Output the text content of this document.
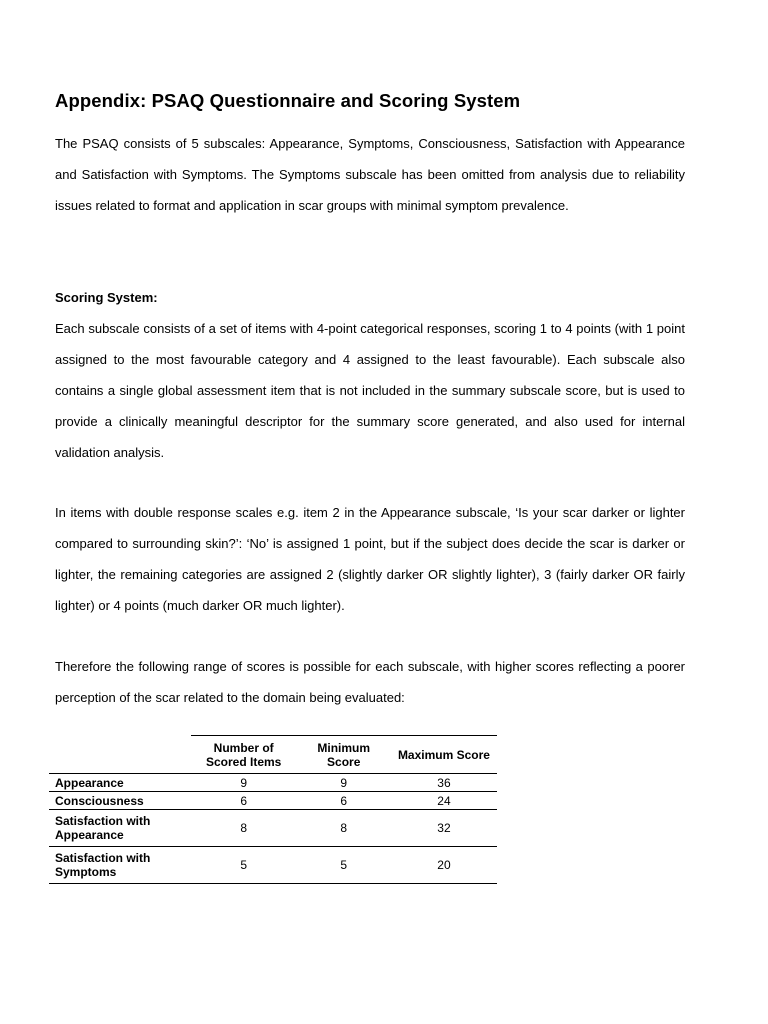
Appendix: PSAQ Questionnaire and Scoring System

The PSAQ consists of 5 subscales: Appearance, Symptoms, Consciousness, Satisfaction with Appearance and Satisfaction with Symptoms. The Symptoms subscale has been omitted from analysis due to reliability issues related to format and application in scar groups with minimal symptom prevalence.

Scoring System:

Each subscale consists of a set of items with 4-point categorical responses, scoring 1 to 4 points (with 1 point assigned to the most favourable category and 4 assigned to the least favourable). Each subscale also contains a single global assessment item that is not included in the summary subscale score, but is used to provide a clinically meaningful descriptor for the summary score generated, and also used for internal validation analysis.

In items with double response scales e.g. item 2 in the Appearance subscale, ‘Is your scar darker or lighter compared to surrounding skin?’: ‘No’ is assigned 1 point, but if the subject does decide the scar is darker or lighter, the remaining categories are assigned 2 (slightly darker OR slightly lighter), 3 (fairly darker OR fairly lighter) or 4 points (much darker OR much lighter).

Therefore the following range of scores is possible for each subscale, with higher scores reflecting a poorer perception of the scar related to the domain being evaluated:

	Number of Scored Items	Minimum Score	Maximum Score
Appearance	9	9	36
Consciousness	6	6	24
Satisfaction with Appearance	8	8	32
Satisfaction with Symptoms	5	5	20
